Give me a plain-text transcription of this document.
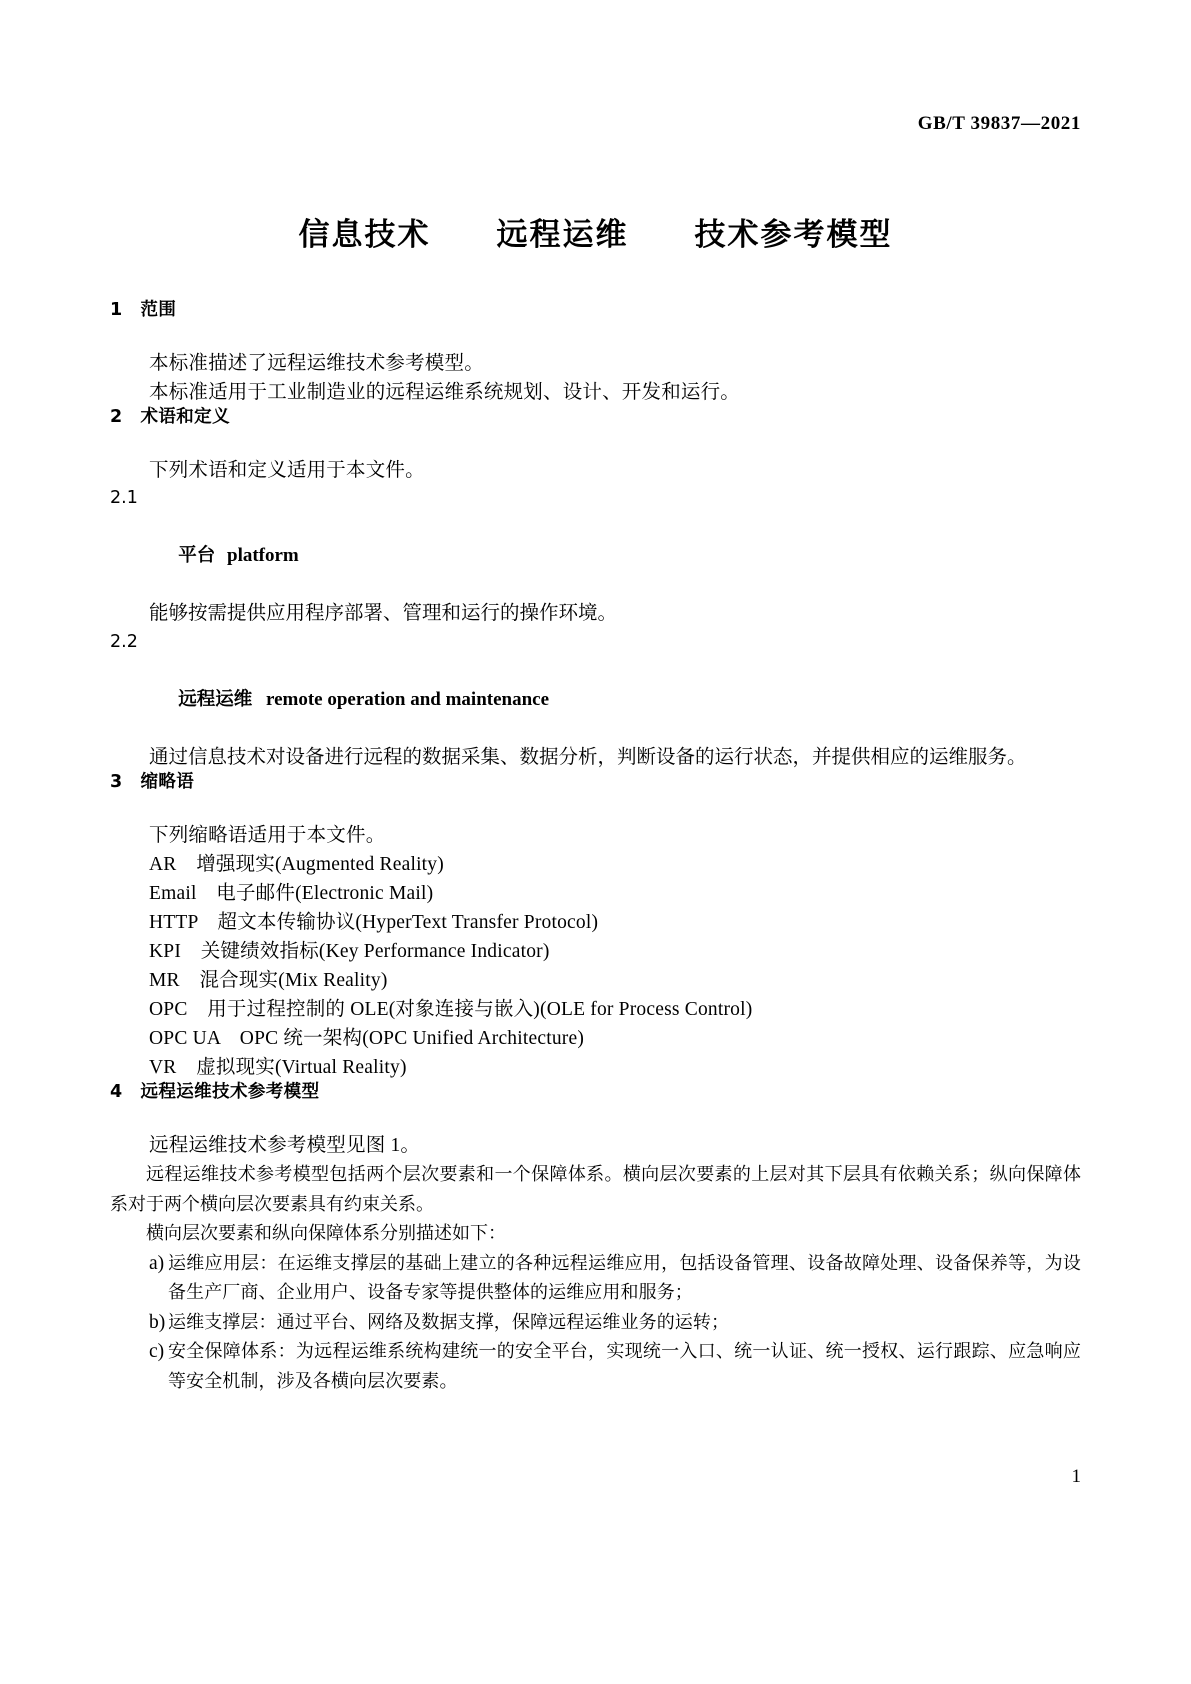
GB/T 39837—2021
信息技术　　远程运维　　技术参考模型
1　范围

本标准描述了远程运维技术参考模型。

本标准适用于工业制造业的远程运维系统规划、设计、开发和运行。

2　术语和定义

下列术语和定义适用于本文件。

2.1

平台	platform

能够按需提供应用程序部署、管理和运行的操作环境。

2.2

远程运维	remote operation and maintenance

通过信息技术对设备进行远程的数据采集、数据分析，判断设备的运行状态，并提供相应的运维服务。

3　缩略语

下列缩略语适用于本文件。

AR　增强现实(Augmented Reality)

Email　电子邮件(Electronic Mail)

HTTP　超文本传输协议(HyperText Transfer Protocol)

KPI　关键绩效指标(Key Performance Indicator)

MR　混合现实(Mix Reality)

OPC　用于过程控制的 OLE(对象连接与嵌入)(OLE for Process Control)

OPC UA　OPC 统一架构(OPC Unified Architecture)

VR　虚拟现实(Virtual Reality)

4　远程运维技术参考模型

远程运维技术参考模型见图 1。

远程运维技术参考模型包括两个层次要素和一个保障体系。横向层次要素的上层对其下层具有依赖关系；纵向保障体系对于两个横向层次要素具有约束关系。

横向层次要素和纵向保障体系分别描述如下：

a) 运维应用层：在运维支撑层的基础上建立的各种远程运维应用，包括设备管理、设备故障处理、设备保养等，为设备生产厂商、企业用户、设备专家等提供整体的运维应用和服务；
b) 运维支撑层：通过平台、网络及数据支撑，保障远程运维业务的运转；
c) 安全保障体系：为远程运维系统构建统一的安全平台，实现统一入口、统一认证、统一授权、运行跟踪、应急响应等安全机制，涉及各横向层次要素。
1
